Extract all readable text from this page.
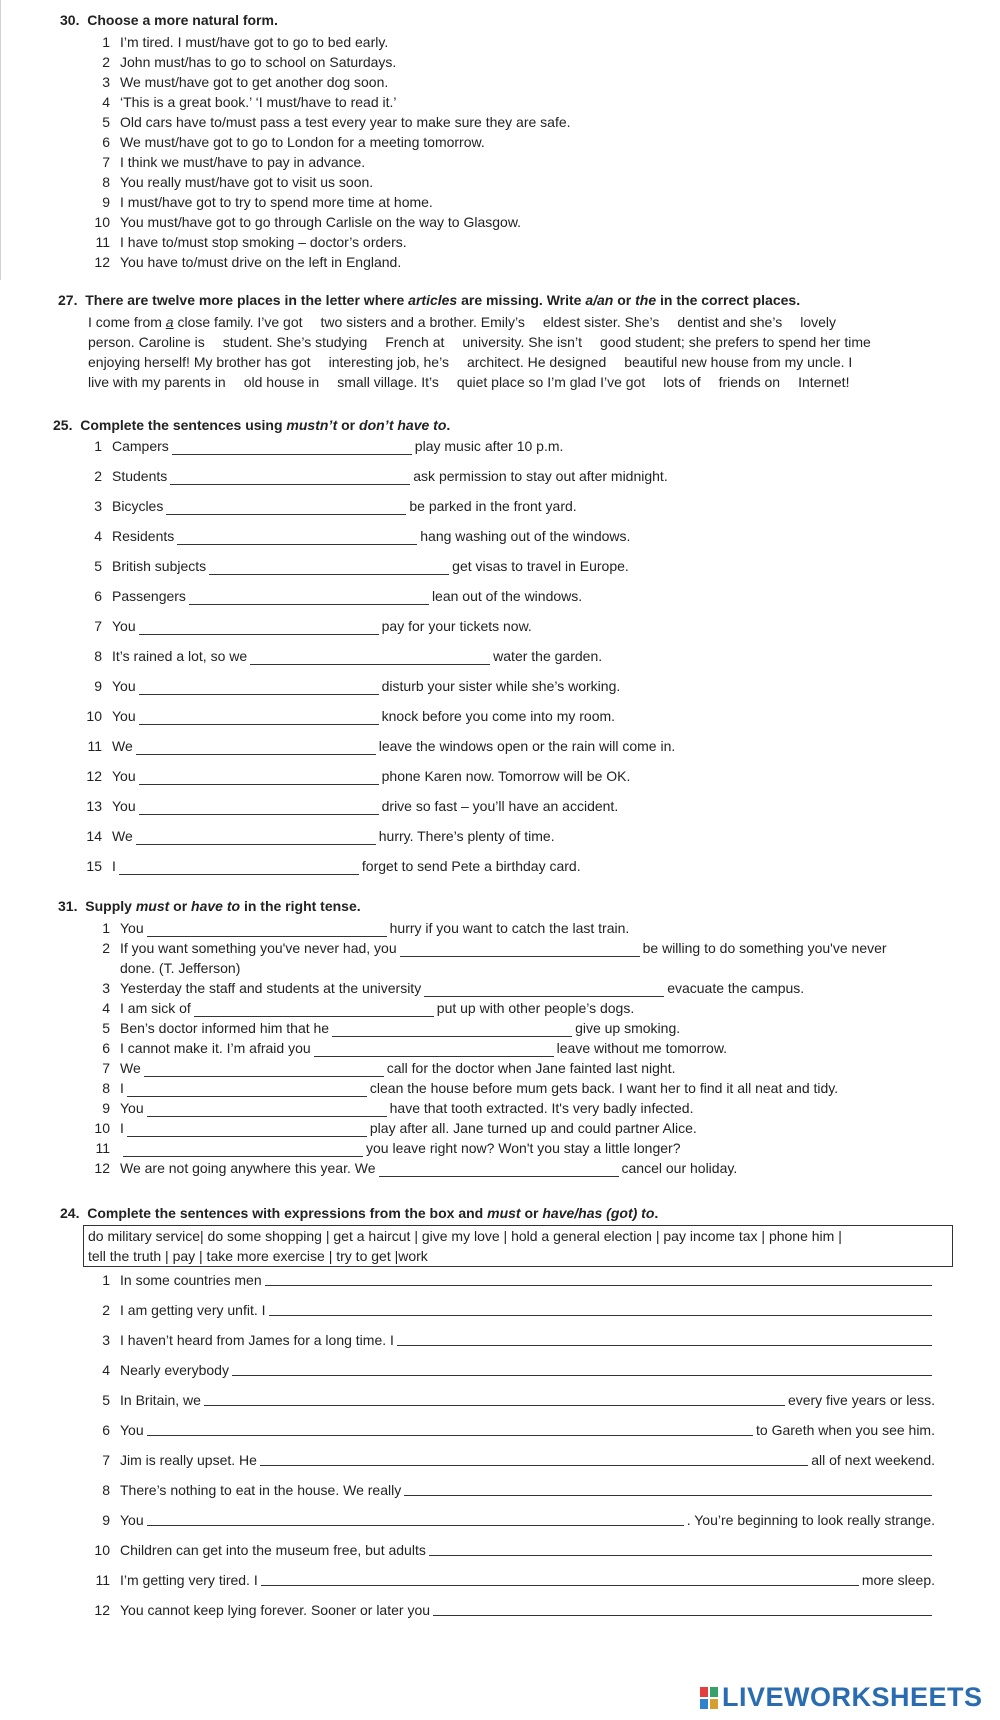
30. Choose a more natural form.
1 I’m tired. I must/have got to go to bed early.
2 John must/has to go to school on Saturdays.
3 We must/have got to get another dog soon.
4 ‘This is a great book.’ ‘I must/have to read it.’
5 Old cars have to/must pass a test every year to make sure they are safe.
6 We must/have got to go to London for a meeting tomorrow.
7 I think we must/have to pay in advance.
8 You really must/have got to visit us soon.
9 I must/have got to try to spend more time at home.
10 You must/have got to go through Carlisle on the way to Glasgow.
11 I have to/must stop smoking – doctor’s orders.
12 You have to/must drive on the left in England.
27. There are twelve more places in the letter where articles are missing. Write a/an or the in the correct places.
I come from a close family. I’ve got two sisters and a brother. Emily’s eldest sister. She’s dentist and she’s lovely
person. Caroline is student. She’s studying French at university. She isn’t good student; she prefers to spend her time
enjoying herself! My brother has got interesting job, he’s architect. He designed beautiful new house from my uncle. I
live with my parents in old house in small village. It’s quiet place so I’m glad I’ve got lots of friends on Internet!
25. Complete the sentences using mustn’t or don’t have to.
1 Campers	play music after 10 p.m.
2 Students	ask permission to stay out after midnight.
3 Bicycles	be parked in the front yard.
4 Residents	hang washing out of the windows.
5 British subjects	get visas to travel in Europe.
6 Passengers	lean out of the windows.
7 You	pay for your tickets now.
8 It’s rained a lot, so we	water the garden.
9 You	disturb your sister while she’s working.
10 You	knock before you come into my room.
11 We	leave the windows open or the rain will come in.
12 You	phone Karen now. Tomorrow will be OK.
13 You	drive so fast – you’ll have an accident.
14 We	hurry. There’s plenty of time.
15 I	forget to send Pete a birthday card.
31. Supply must or have to in the right tense.
1 You	hurry if you want to catch the last train.
2 If you want something you've never had, you	be willing to do something you've never
done. (T. Jefferson)
3 Yesterday the staff and students at the university	evacuate the campus.
4 I am sick of	put up with other people’s dogs.
5 Ben’s doctor informed him that he	give up smoking.
6 I cannot make it. I’m afraid you	leave without me tomorrow.
7 We	call for the doctor when Jane fainted last night.
8 I	clean the house before mum gets back. I want her to find it all neat and tidy.
9 You	have that tooth extracted. It's very badly infected.
10 I	play after all. Jane turned up and could partner Alice.
11	you leave right now? Won't you stay a little longer?
12 We are not going anywhere this year. We	cancel our holiday.
24. Complete the sentences with expressions from the box and must or have/has (got) to.
do military service| do some shopping | get a haircut | give my love | hold a general election | pay income tax | phone him |
tell the truth | pay | take more exercise | try to get |work
1 In some countries men
2 I am getting very unfit. I
3 I haven’t heard from James for a long time. I
4 Nearly everybody
5 In Britain, we	every five years or less.
6 You	to Gareth when you see him.
7 Jim is really upset. He	all of next weekend.
8 There’s nothing to eat in the house. We really
9 You	. You’re beginning to look really strange.
10 Children can get into the museum free, but adults
11 I’m getting very tired. I	more sleep.
12 You cannot keep lying forever. Sooner or later you
LIVEWORKSHEETS
